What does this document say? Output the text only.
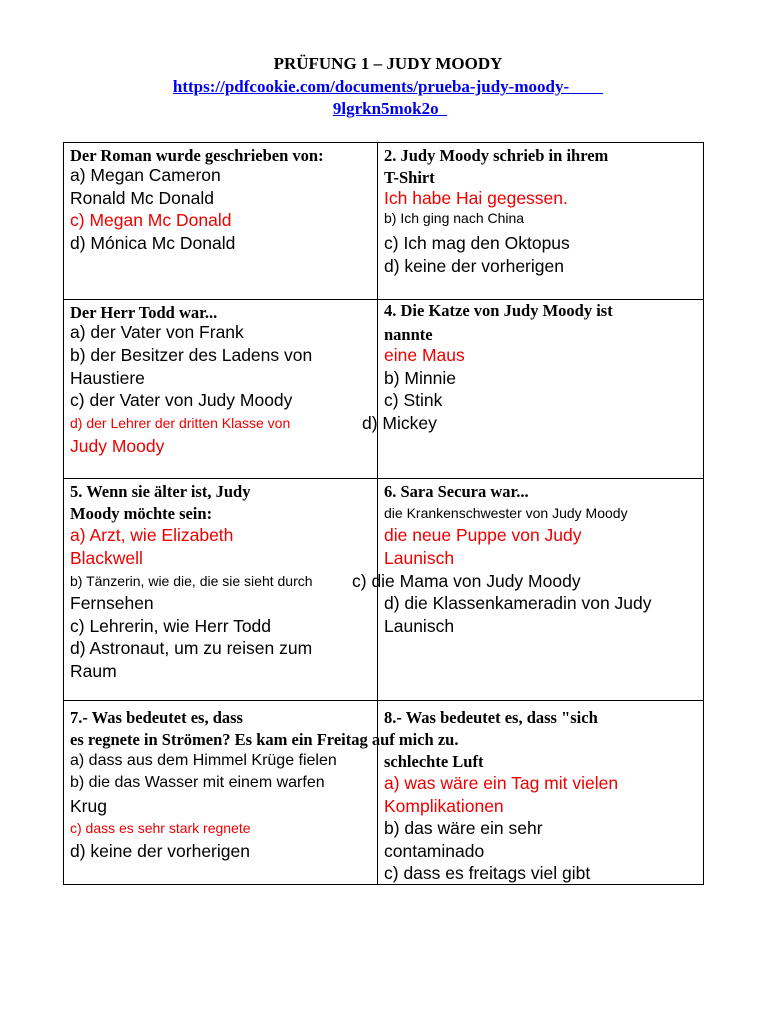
PRÜFUNG 1 – JUDY MOODY
https://pdfcookie.com/documents/prueba-judy-moody-
9lgrkn5mok2o
Der Roman wurde geschrieben von:
a) Megan Cameron
Ronald Mc Donald
c) Megan Mc Donald
d) Mónica Mc Donald
2. Judy Moody schrieb in ihrem
T-Shirt
Ich habe Hai gegessen.
b) Ich ging nach China
c) Ich mag den Oktopus
d) keine der vorherigen
Der Herr Todd war...
a) der Vater von Frank
b) der Besitzer des Ladens von
Haustiere
c) der Vater von Judy Moody
d) der Lehrer der dritten Klasse von	d) Mickey
Judy Moody
4. Die Katze von Judy Moody ist
nannte
eine Maus
b) Minnie
c) Stink
5. Wenn sie älter ist, Judy
Moody möchte sein:
a) Arzt, wie Elizabeth
Blackwell
b) Tänzerin, wie die, die sie sieht durch c) die Mama von Judy Moody
Fernsehen
c) Lehrerin, wie Herr Todd
d) Astronaut, um zu reisen zum
Raum
6. Sara Secura war...
die Krankenschwester von Judy Moody
die neue Puppe von Judy
Launisch
d) die Klassenkameradin von Judy
Launisch
7.- Was bedeutet es, dass
es regnete in Strömen? Es kam ein Freitag auf mich zu.
a) dass aus dem Himmel Krüge fielen
b) die das Wasser mit einem warfen
Krug
c) dass es sehr stark regnete
d) keine der vorherigen
8.- Was bedeutet es, dass "sich
schlechte Luft
a) was wäre ein Tag mit vielen
Komplikationen
b) das wäre ein sehr
contaminado
c) dass es freitags viel gibt
